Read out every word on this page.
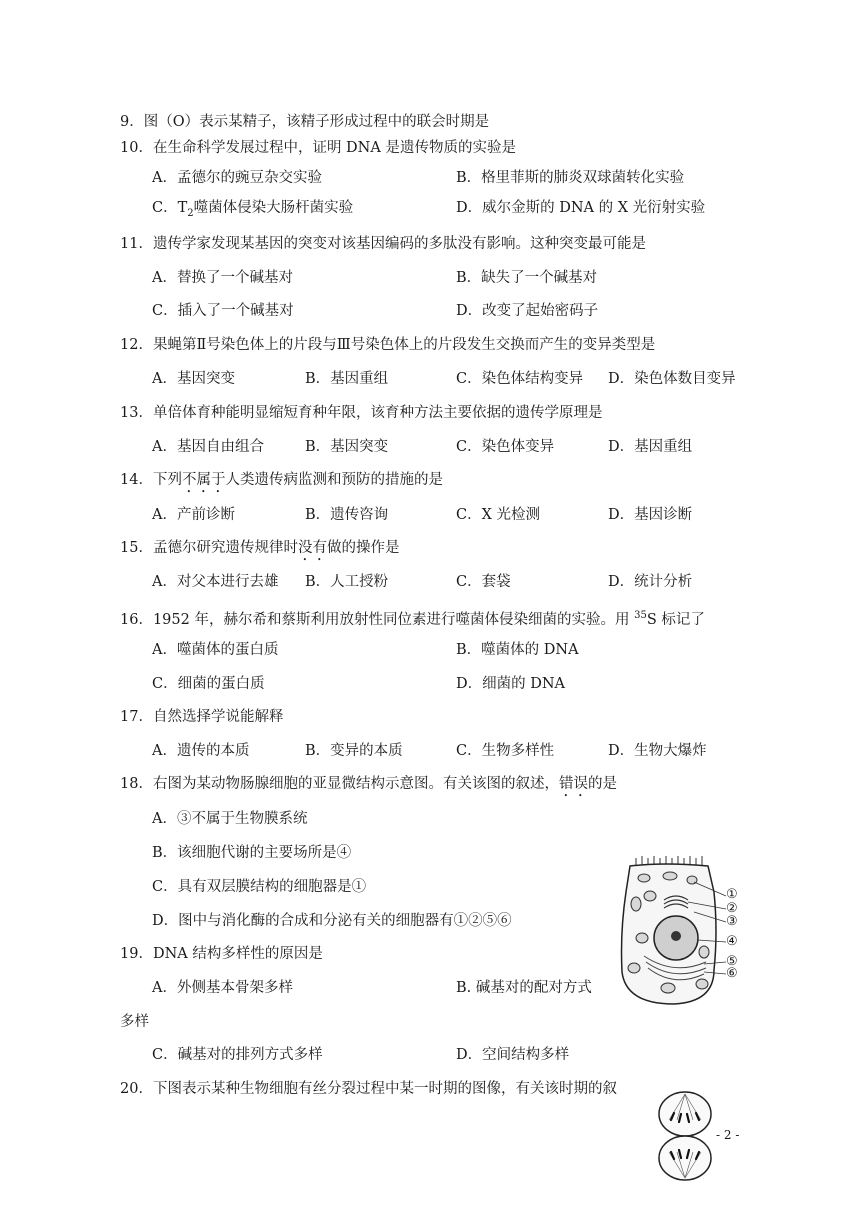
9．图（O）表示某精子，该精子形成过程中的联会时期是
10．在生命科学发展过程中，证明 DNA 是遗传物质的实验是
A．孟德尔的豌豆杂交实验	B．格里菲斯的肺炎双球菌转化实验
C．$T_2$噬菌体侵染大肠杆菌实验	D．威尔金斯的 DNA 的 X 光衍射实验
11．遗传学家发现某基因的突变对该基因编码的多肽没有影响。这种突变最可能是
A．替换了一个碱基对	B．缺失了一个碱基对
C．插入了一个碱基对	D．改变了起始密码子
12．果蝇第Ⅱ号染色体上的片段与Ⅲ号染色体上的片段发生交换而产生的变异类型是
A．基因突变	B．基因重组	C．染色体结构变异 D．染色体数目变异
13．单倍体育种能明显缩短育种年限，该育种方法主要依据的遗传学原理是
A．基因自由组合	B．基因突变	C．染色体变异	D．基因重组
14．下列不属于人类遗传病监测和预防的措施的是
A．产前诊断	B．遗传咨询	C．X 光检测	D．基因诊断
15．孟德尔研究遗传规律时没有做的操作是
A．对父本进行去雄 B．人工授粉	C．套袋	D．统计分析
16．1952 年，赫尔希和蔡斯利用放射性同位素进行噬菌体侵染细菌的实验。用 $^{35}$S 标记了
A．噬菌体的蛋白质	B．噬菌体的 DNA
C．细菌的蛋白质	D．细菌的 DNA
17．自然选择学说能解释
A．遗传的本质	B．变异的本质	C．生物多样性	D．生物大爆炸
18．右图为某动物肠腺细胞的亚显微结构示意图。有关该图的叙述，错误的是
A．③不属于生物膜系统
B．该细胞代谢的主要场所是④
C．具有双层膜结构的细胞器是①
D．图中与消化酶的合成和分泌有关的细胞器有①②⑤⑥
19．DNA 结构多样性的原因是
A．外侧基本骨架多样	B. 碱基对的配对方式
多样
C．碱基对的排列方式多样	D．空间结构多样
20．下图表示某种生物细胞有丝分裂过程中某一时期的图像，有关该时期的叙
①
②
③
④
⑤
⑥
- 2 -
